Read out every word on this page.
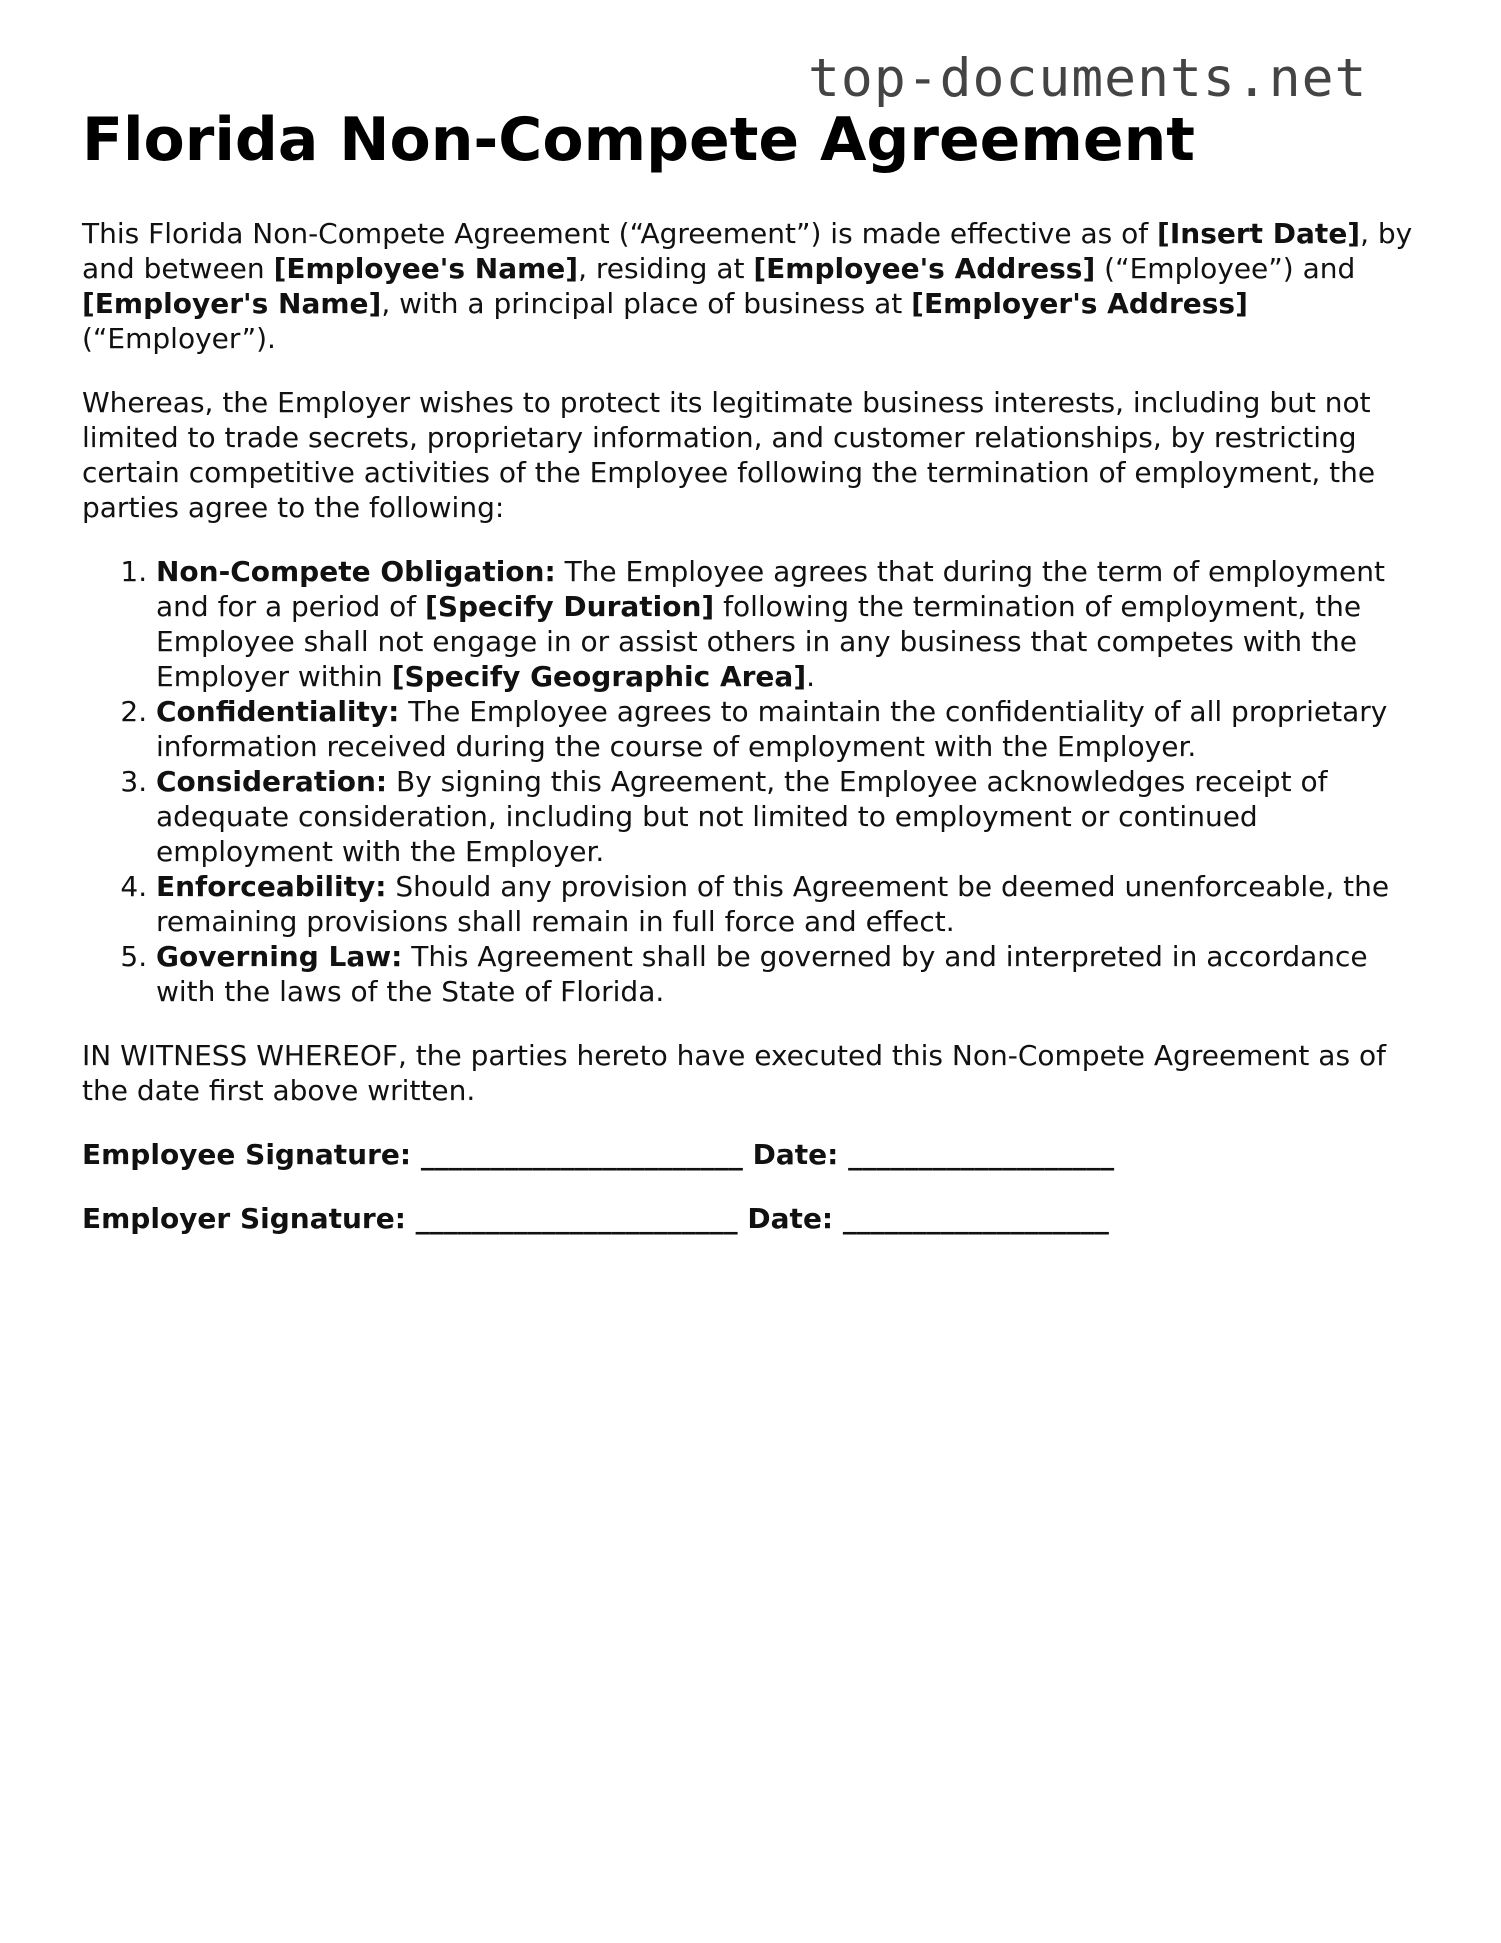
top-documents.net
Florida Non-Compete Agreement

This Florida Non-Compete Agreement (“Agreement”) is made effective as of [Insert Date], by and between [Employee's Name], residing at [Employee's Address] (“Employee”) and [Employer's Name], with a principal place of business at [Employer's Address] (“Employer”).

Whereas, the Employer wishes to protect its legitimate business interests, including but not limited to trade secrets, proprietary information, and customer relationships, by restricting certain competitive activities of the Employee following the termination of employment, the parties agree to the following:

1. Non-Compete Obligation: The Employee agrees that during the term of employment and for a period of [Specify Duration] following the termination of employment, the Employee shall not engage in or assist others in any business that competes with the Employer within [Specify Geographic Area].
2. Confidentiality: The Employee agrees to maintain the confidentiality of all proprietary information received during the course of employment with the Employer.
3. Consideration: By signing this Agreement, the Employee acknowledges receipt of adequate consideration, including but not limited to employment or continued employment with the Employer.
4. Enforceability: Should any provision of this Agreement be deemed unenforceable, the remaining provisions shall remain in full force and effect.
5. Governing Law: This Agreement shall be governed by and interpreted in accordance with the laws of the State of Florida.

IN WITNESS WHEREOF, the parties hereto have executed this Non-Compete Agreement as of the date first above written.

Employee Signature: _______________________ Date: ___________________

Employer Signature: _______________________ Date: ___________________
